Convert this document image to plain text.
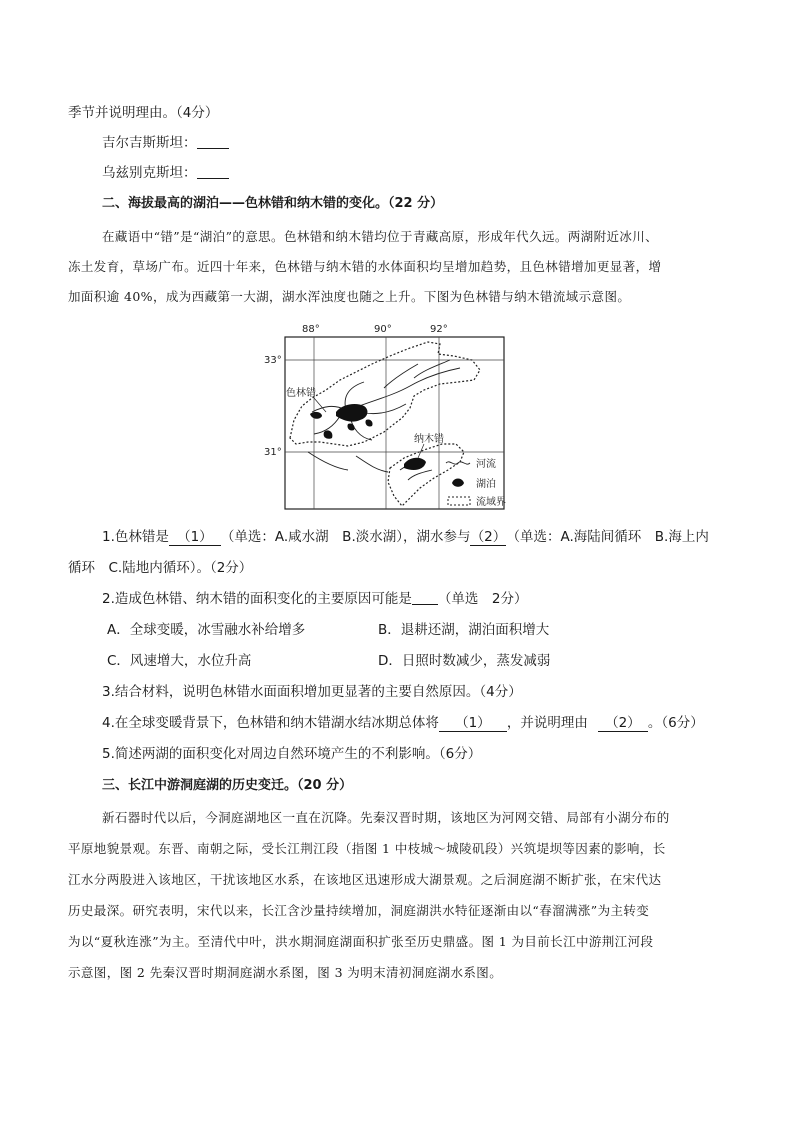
季节并说明理由。（4分）
吉尔吉斯斯坦：
乌兹别克斯坦：
二、海拔最高的湖泊——色林错和纳木错的变化。（22 分）
在藏语中“错”是“湖泊”的意思。色林错和纳木错均位于青藏高原，形成年代久远。两湖附近冰川、
冻土发育，草场广布。近四十年来，色林错与纳木错的水体面积均呈增加趋势，且色林错增加更显著，增
加面积逾 40%，成为西藏第一大湖，湖水浑浊度也随之上升。下图为色林错与纳木错流域示意图。
88°	90°	92°
33°
31°
色林错
纳木错
河流
湖泊
流域界
1.色林错是 （1） （单选：A.咸水湖　B.淡水湖），湖水参与（2）（单选：A.海陆间循环　B.海上内
循环　C.陆地内循环）。（2分）
2.造成色林错、纳木错的面积变化的主要原因可能是 （单选　2分）
A．全球变暖，冰雪融水补给增多	B．退耕还湖，湖泊面积增大
C．风速增大，水位升高	D．日照时数减少，蒸发减弱
3.结合材料，说明色林错水面面积增加更显著的主要自然原因。（4分）
4.在全球变暖背景下，色林错和纳木错湖水结冰期总体将 （1） ，并说明理由 （2） 。（6分）
5.简述两湖的面积变化对周边自然环境产生的不利影响。（6分）
三、长江中游洞庭湖的历史变迁。（20 分）
新石器时代以后，今洞庭湖地区一直在沉降。先秦汉晋时期，该地区为河网交错、局部有小湖分布的
平原地貌景观。东晋、南朝之际，受长江荆江段（指图 1 中枝城～城陵矶段）兴筑堤坝等因素的影响，长
江水分两股进入该地区，干扰该地区水系，在该地区迅速形成大湖景观。之后洞庭湖不断扩张，在宋代达
历史最深。研究表明，宋代以来，长江含沙量持续增加，洞庭湖洪水特征逐渐由以“春溜满涨”为主转变
为以“夏秋连涨”为主。至清代中叶，洪水期洞庭湖面积扩张至历史鼎盛。图 1 为目前长江中游荆江河段
示意图，图 2 先秦汉晋时期洞庭湖水系图，图 3 为明末清初洞庭湖水系图。
